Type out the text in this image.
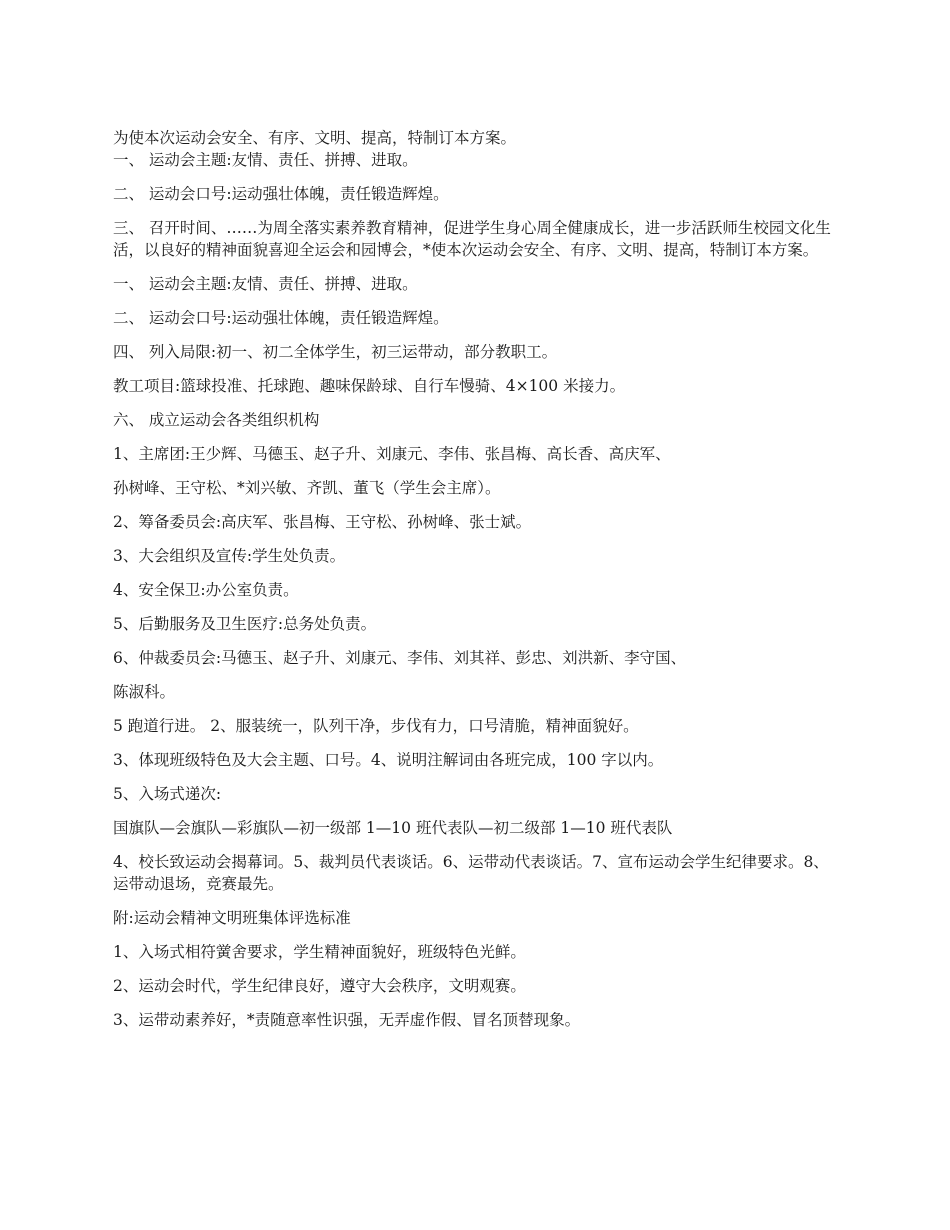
为使本次运动会安全、有序、文明、提高，特制订本方案。

一、 运动会主题:友情、责任、拼搏、进取。

二、 运动会口号:运动强壮体魄，责任锻造辉煌。

三、 召开时间、……为周全落实素养教育精神，促进学生身心周全健康成长，进一步活跃师生校园文化生活，以良好的精神面貌喜迎全运会和园博会，*使本次运动会安全、有序、文明、提高，特制订本方案。

一、 运动会主题:友情、责任、拼搏、进取。

二、 运动会口号:运动强壮体魄，责任锻造辉煌。

四、 列入局限:初一、初二全体学生，初三运带动，部分教职工。

教工项目:篮球投准、托球跑、趣味保龄球、自行车慢骑、4×100 米接力。

六、 成立运动会各类组织机构

1、主席团:王少辉、马德玉、赵子升、刘康元、李伟、张昌梅、高长香、高庆军、

孙树峰、王守松、*刘兴敏、齐凯、董飞（学生会主席）。

2、筹备委员会:高庆军、张昌梅、王守松、孙树峰、张士斌。

3、大会组织及宣传:学生处负责。

4、安全保卫:办公室负责。

5、后勤服务及卫生医疗:总务处负责。

6、仲裁委员会:马德玉、赵子升、刘康元、李伟、刘其祥、彭忠、刘洪新、李守国、

陈淑科。

5 跑道行进。 2、服装统一，队列干净，步伐有力，口号清脆，精神面貌好。

3、体现班级特色及大会主题、口号。4、说明注解词由各班完成，100 字以内。

5、入场式递次:

国旗队—会旗队—彩旗队—初一级部 1—10 班代表队—初二级部 1—10 班代表队

4、校长致运动会揭幕词。5、裁判员代表谈话。6、运带动代表谈话。7、宣布运动会学生纪律要求。8、运带动退场，竞赛最先。

附:运动会精神文明班集体评选标准

1、入场式相符黉舍要求，学生精神面貌好，班级特色光鲜。

2、运动会时代，学生纪律良好，遵守大会秩序，文明观赛。

3、运带动素养好，*责随意率性识强，无弄虚作假、冒名顶替现象。
